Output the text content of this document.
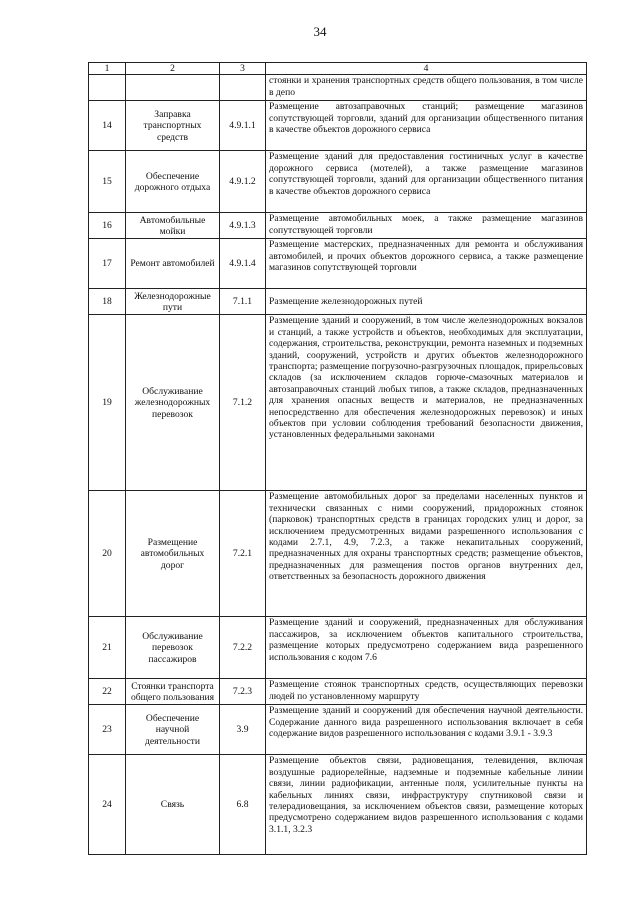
34
1	2	3	4
			стоянки и хранения транспортных средств общего пользования, в том числе в депо
14	Заправка транспортных средств	4.9.1.1	Размещение автозаправочных станций; размещение магазинов сопутствующей торговли, зданий для организации общественного питания в качестве объектов дорожного сервиса
15	Обеспечение дорожного отдыха	4.9.1.2	Размещение зданий для предоставления гостиничных услуг в качестве дорожного сервиса (мотелей), а также размещение магазинов сопутствующей торговли, зданий для организации общественного питания в качестве объектов дорожного сервиса
16	Автомобильные мойки	4.9.1.3	Размещение автомобильных моек, а также размещение магазинов сопутствующей торговли
17	Ремонт автомобилей	4.9.1.4	Размещение мастерских, предназначенных для ремонта и обслуживания автомобилей, и прочих объектов дорожного сервиса, а также размещение магазинов сопутствующей торговли
18	Железнодорожные пути	7.1.1	Размещение железнодорожных путей
19	Обслуживание железнодорожных перевозок	7.1.2	Размещение зданий и сооружений, в том числе железнодорожных вокзалов и станций, а также устройств и объектов, необходимых для эксплуатации, содержания, строительства, реконструкции, ремонта наземных и подземных зданий, сооружений, устройств и других объектов железнодорожного транспорта; размещение погрузочно-разгрузочных площадок, прирельсовых складов (за исключением складов горюче-смазочных материалов и автозаправочных станций любых типов, а также складов, предназначенных для хранения опасных веществ и материалов, не предназначенных непосредственно для обеспечения железнодорожных перевозок) и иных объектов при условии соблюдения требований безопасности движения, установленных федеральными законами
20	Размещение автомобильных дорог	7.2.1	Размещение автомобильных дорог за пределами населенных пунктов и технически связанных с ними сооружений, придорожных стоянок (парковок) транспортных средств в границах городских улиц и дорог, за исключением предусмотренных видами разрешенного использования с кодами 2.7.1, 4.9, 7.2.3, а также некапитальных сооружений, предназначенных для охраны транспортных средств; размещение объектов, предназначенных для размещения постов органов внутренних дел, ответственных за безопасность дорожного движения
21	Обслуживание перевозок пассажиров	7.2.2	Размещение зданий и сооружений, предназначенных для обслуживания пассажиров, за исключением объектов капитального строительства, размещение которых предусмотрено содержанием вида разрешенного использования с кодом 7.6
22	Стоянки транспорта общего пользования	7.2.3	Размещение стоянок транспортных средств, осуществляющих перевозки людей по установленному маршруту
23	Обеспечение научной деятельности	3.9	Размещение зданий и сооружений для обеспечения научной деятельности. Содержание данного вида разрешенного использования включает в себя содержание видов разрешенного использования с кодами 3.9.1 - 3.9.3
24	Связь	6.8	Размещение объектов связи, радиовещания, телевидения, включая воздушные радиорелейные, надземные и подземные кабельные линии связи, линии радиофикации, антенные поля, усилительные пункты на кабельных линиях связи, инфраструктуру спутниковой связи и телерадиовещания, за исключением объектов связи, размещение которых предусмотрено содержанием видов разрешенного использования с кодами 3.1.1, 3.2.3
